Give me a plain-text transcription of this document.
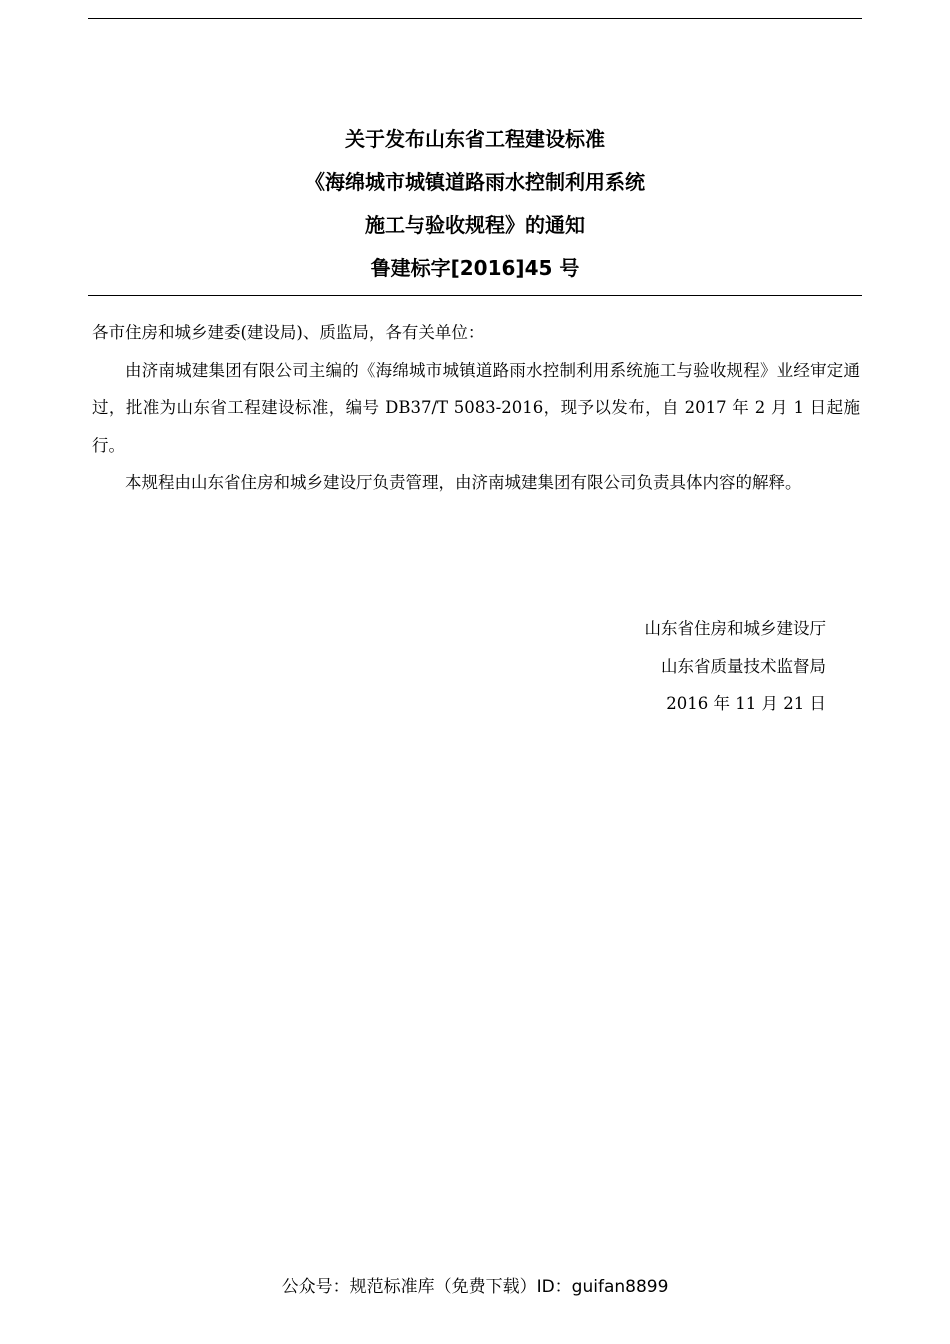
关于发布山东省工程建设标准
《海绵城市城镇道路雨水控制利用系统
施工与验收规程》的通知
鲁建标字[2016]45 号

各市住房和城乡建委(建设局)、质监局，各有关单位：

由济南城建集团有限公司主编的《海绵城市城镇道路雨水控制利用系统施工与验收规程》业经审定通过，批准为山东省工程建设标准，编号 DB37/T 5083-2016，现予以发布，自 2017 年 2 月 1 日起施行。

本规程由山东省住房和城乡建设厅负责管理，由济南城建集团有限公司负责具体内容的解释。

山东省住房和城乡建设厅
山东省质量技术监督局
2016 年 11 月 21 日
公众号：规范标准库（免费下载）ID：guifan8899
